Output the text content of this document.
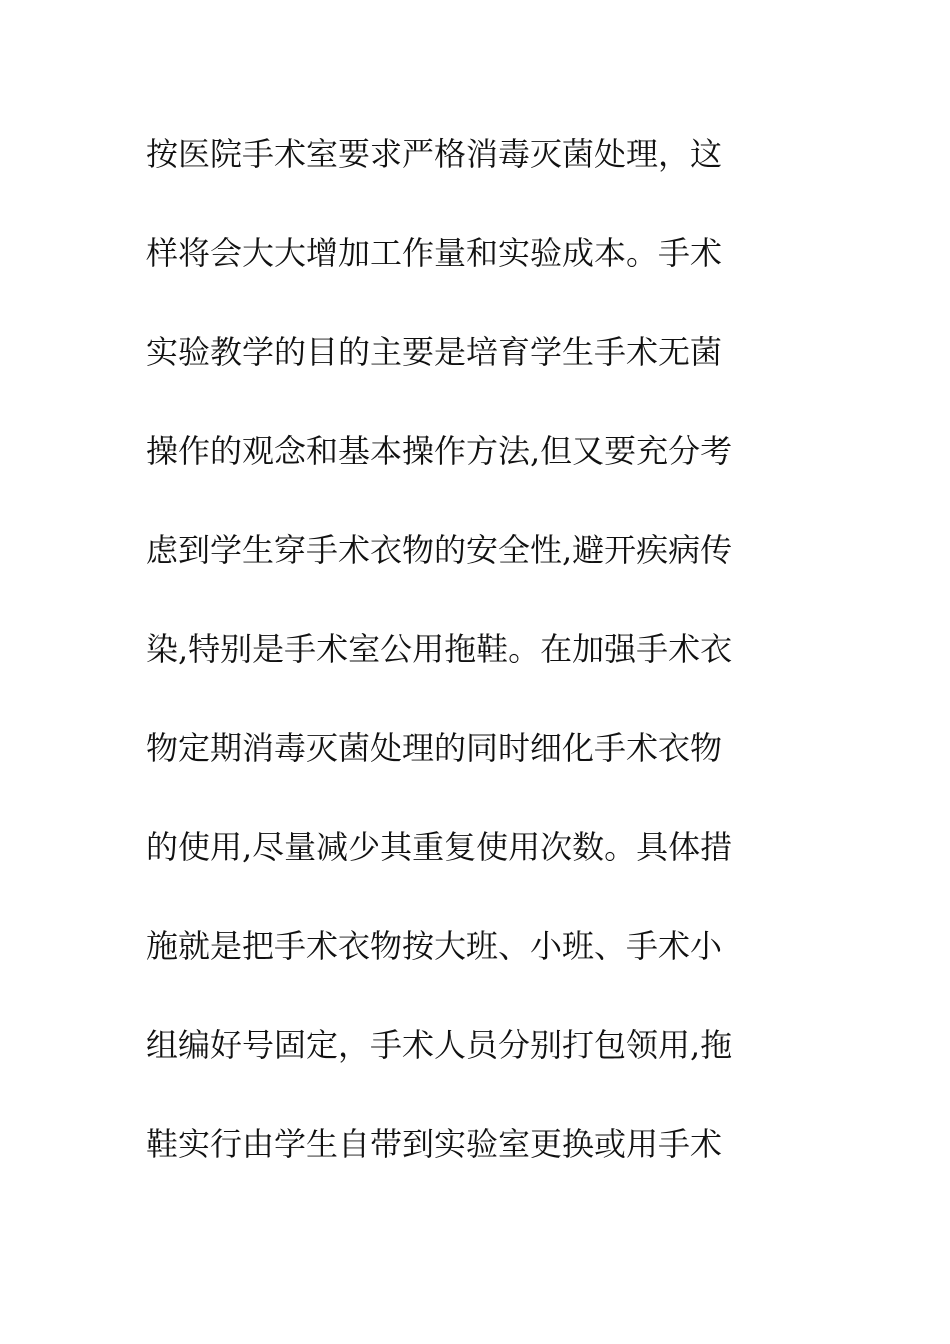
按医院手术室要求严格消毒灭菌处理，这
样将会大大增加工作量和实验成本。手术
实验教学的目的主要是培育学生手术无菌
操作的观念和基本操作方法,但又要充分考
虑到学生穿手术衣物的安全性,避开疾病传
染,特别是手术室公用拖鞋。在加强手术衣
物定期消毒灭菌处理的同时细化手术衣物
的使用,尽量减少其重复使用次数。具体措
施就是把手术衣物按大班、小班、手术小
组编好号固定，手术人员分别打包领用,拖
鞋实行由学生自带到实验室更换或用手术
